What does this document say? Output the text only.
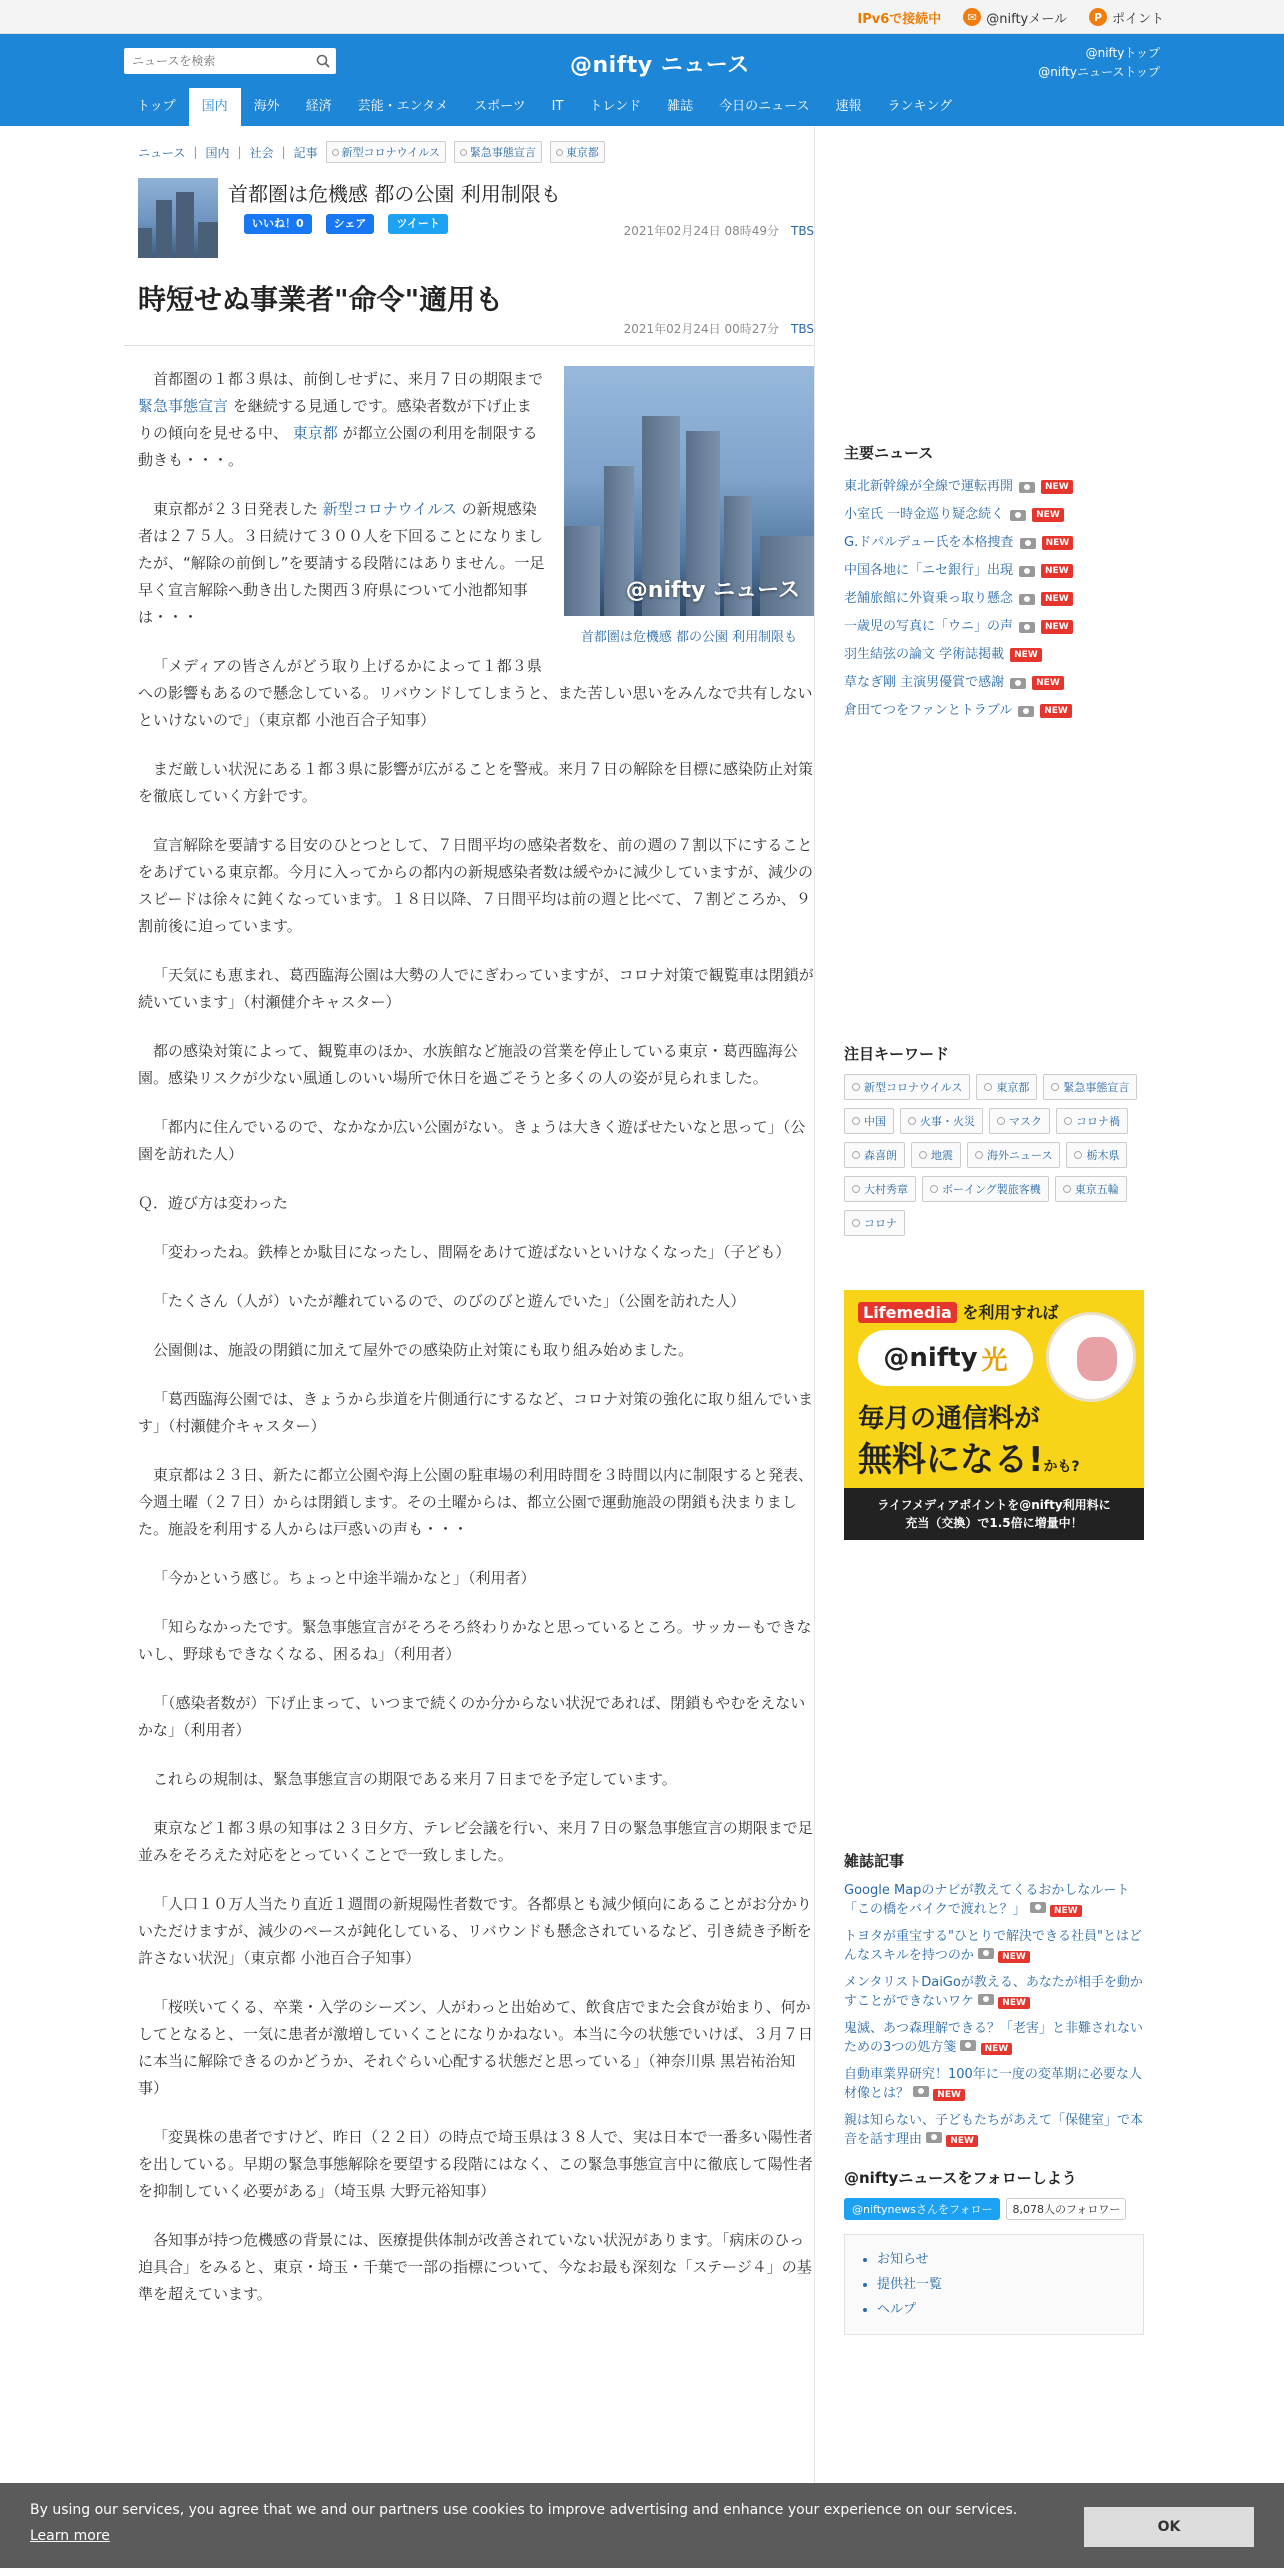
IPv6で接続中	✉ @niftyメール	P ポイント
ニュースを検索
@nifty ニュース	@niftyトップ
@niftyニューストップ
トップ	国内	海外	経済	芸能・エンタメ	スポーツ	IT	トレンド	雑誌	今日のニュース	速報	ランキング
ニュース | 国内 | 社会 | 記事 新型コロナウイルス	緊急事態宣言	東京都
首都圏は危機感 都の公園 利用制限も
いいね！0	シェア	ツイート
2021年02月24日 08時49分 TBS
時短せぬ事業者"命令"適用も
2021年02月24日 00時27分 TBS
@nifty ニュース
首都圏は危機感 都の公園 利用制限も

首都圏の１都３県は、前倒しせずに、来月７日の期限まで 緊急事態宣言 を継続する見通しです。感染者数が下げ止まりの傾向を見せる中、 東京都 が都立公園の利用を制限する動きも・・・。

東京都が２３日発表した 新型コロナウイルス の新規感染者は２７５人。３日続けて３００人を下回ることになりましたが、“解除の前倒し”を要請する段階にはありません。一足早く宣言解除へ動き出した関西３府県について小池都知事は・・・

「メディアの皆さんがどう取り上げるかによって１都３県への影響もあるので懸念している。リバウンドしてしまうと、また苦しい思いをみんなで共有しないといけないので」（東京都 小池百合子知事）

まだ厳しい状況にある１都３県に影響が広がることを警戒。来月７日の解除を目標に感染防止対策を徹底していく方針です。

宣言解除を要請する目安のひとつとして、７日間平均の感染者数を、前の週の７割以下にすることをあげている東京都。今月に入ってからの都内の新規感染者数は緩やかに減少していますが、減少のスピードは徐々に鈍くなっています。１８日以降、７日間平均は前の週と比べて、７割どころか、９割前後に迫っています。

「天気にも恵まれ、葛西臨海公園は大勢の人でにぎわっていますが、コロナ対策で観覧車は閉鎖が続いています」（村瀬健介キャスター）

都の感染対策によって、観覧車のほか、水族館など施設の営業を停止している東京・葛西臨海公園。感染リスクが少ない風通しのいい場所で休日を過ごそうと多くの人の姿が見られました。

「都内に住んでいるので、なかなか広い公園がない。きょうは大きく遊ばせたいなと思って」（公園を訪れた人）

Ｑ．遊び方は変わった

「変わったね。鉄棒とか駄目になったし、間隔をあけて遊ばないといけなくなった」（子ども）

「たくさん（人が）いたが離れているので、のびのびと遊んでいた」（公園を訪れた人）

公園側は、施設の閉鎖に加えて屋外での感染防止対策にも取り組み始めました。

「葛西臨海公園では、きょうから歩道を片側通行にするなど、コロナ対策の強化に取り組んでいます」（村瀬健介キャスター）

東京都は２３日、新たに都立公園や海上公園の駐車場の利用時間を３時間以内に制限すると発表、今週土曜（２７日）からは閉鎖します。その土曜からは、都立公園で運動施設の閉鎖も決まりました。施設を利用する人からは戸惑いの声も・・・

「今かという感じ。ちょっと中途半端かなと」（利用者）

「知らなかったです。緊急事態宣言がそろそろ終わりかなと思っているところ。サッカーもできないし、野球もできなくなる、困るね」（利用者）

「（感染者数が）下げ止まって、いつまで続くのか分からない状況であれば、閉鎖もやむをえないかな」（利用者）

これらの規制は、緊急事態宣言の期限である来月７日までを予定しています。

東京など１都３県の知事は２３日夕方、テレビ会議を行い、来月７日の緊急事態宣言の期限まで足並みをそろえた対応をとっていくことで一致しました。

「人口１０万人当たり直近１週間の新規陽性者数です。各都県とも減少傾向にあることがお分かりいただけますが、減少のペースが鈍化している、リバウンドも懸念されているなど、引き続き予断を許さない状況」（東京都 小池百合子知事）

「桜咲いてくる、卒業・入学のシーズン、人がわっと出始めて、飲食店でまた会食が始まり、何かしてとなると、一気に患者が激増していくことになりかねない。本当に今の状態でいけば、３月７日に本当に解除できるのかどうか、それぐらい心配する状態だと思っている」（神奈川県 黒岩祐治知事）

「変異株の患者ですけど、昨日（２２日）の時点で埼玉県は３８人で、実は日本で一番多い陽性者を出している。早期の緊急事態解除を要望する段階にはなく、この緊急事態宣言中に徹底して陽性者を抑制していく必要がある」（埼玉県 大野元裕知事）

各知事が持つ危機感の背景には、医療提供体制が改善されていない状況があります。「病床のひっ迫具合」をみると、東京・埼玉・千葉で一部の指標について、今なお最も深刻な「ステージ４」の基準を超えています。

主要ニュース
東北新幹線が全線で運転再開	NEW
小室氏 一時金巡り疑念続く	NEW
G.ドパルデュー氏を本格捜査	NEW
中国各地に「ニセ銀行」出現	NEW
老舗旅館に外資乗っ取り懸念	NEW
一歳児の写真に「ウニ」の声	NEW
羽生結弦の論文 学術誌掲載	NEW
草なぎ剛 主演男優賞で感謝	NEW
倉田てつをファンとトラブル	NEW
注目キーワード
新型コロナウイルス	東京都	緊急事態宣言
中国	火事・火災	マスク	コロナ禍
森喜朗	地震	海外ニュース	栃木県
大村秀章	ボーイング製旅客機	東京五輪
コロナ
Lifemedia を利用すれば
@nifty 光
毎月の通信料が
無料になる!かも?
ライフメディアポイントを@nifty利用料に
充当（交換）で1.5倍に増量中！
雑誌記事
Google Mapのナビが教えてくるおかしなルート「この橋をバイクで渡れと？」	NEW
トヨタが重宝する"ひとりで解決できる社員"とはどんなスキルを持つのか	NEW
メンタリストDaiGoが教える、あなたが相手を動かすことができないワケ	NEW
鬼滅、あつ森理解できる？「老害」と非難されないための3つの処方箋	NEW
自動車業界研究！100年に一度の変革期に必要な人材像とは？	NEW
親は知らない、子どもたちがあえて「保健室」で本音を話す理由	NEW
@niftyニュースをフォローしよう
@niftynewsさんをフォロー	8,078人のフォロワー
• お知らせ
• 提供社一覧
• ヘルプ
By using our services, you agree that we and our partners use cookies to improve advertising and enhance your experience on our services.
Learn more
OK
